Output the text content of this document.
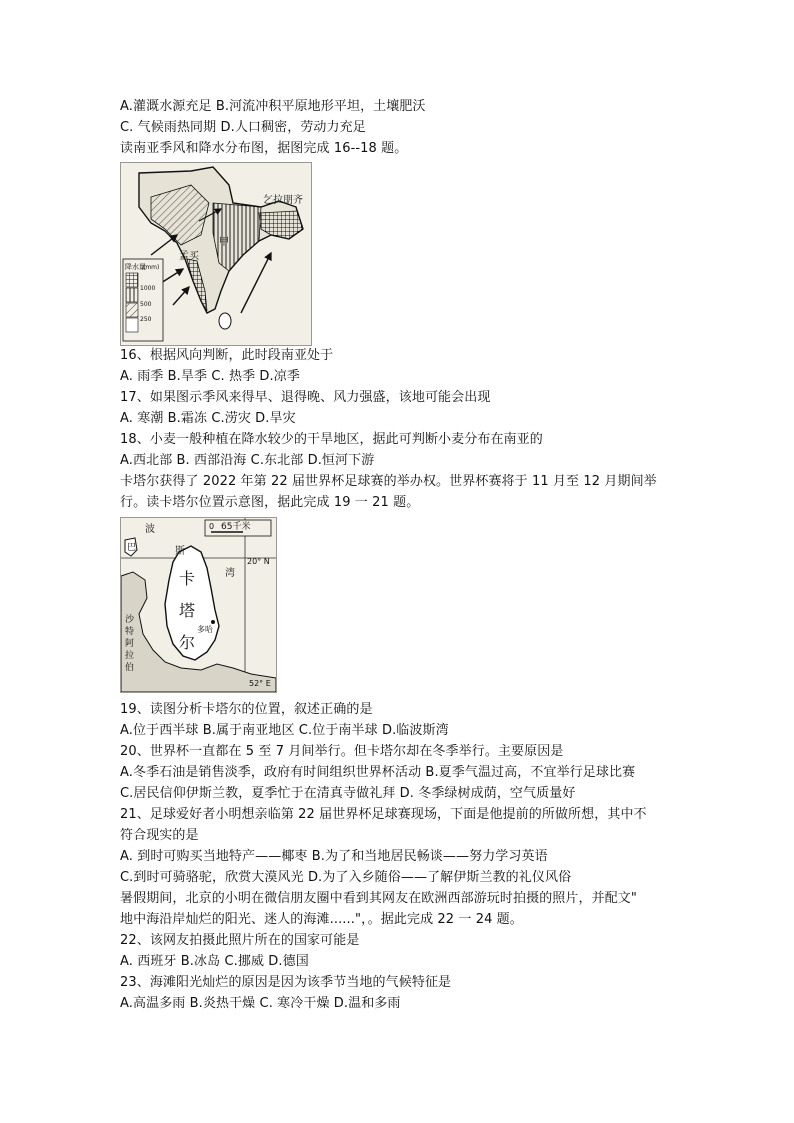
A.灌溉水源充足 B.河流冲积平原地形平坦，土壤肥沃
C. 气候雨热同期 D.人口稠密，劳动力充足
读南亚季风和降水分布图，据图完成 16--18 题。
乞拉朋齐
孟买
甲
降水量
(mm)
1000
500
250
16、根据风向判断，此时段南亚处于
A. 雨季 B.旱季 C. 热季 D.凉季
17、如果图示季风来得早、退得晚、风力强盛，该地可能会出现
A. 寒潮 B.霜冻 C.涝灾 D.旱灾
18、小麦一般种植在降水较少的干旱地区，据此可判断小麦分布在南亚的
A.西北部 B. 西部沿海 C.东北部 D.恒河下游
卡塔尔获得了 2022 年第 22 届世界杯足球赛的举办权。世界杯赛将于 11 月至 12 月期间举
行。读卡塔尔位置示意图，据此完成 19 一 21 题。
0 65千米
波
斯
湾
20° N
52° E
卡
塔
尔
多哈
巴
沙
特
阿
拉
伯
19、读图分析卡塔尔的位置，叙述正确的是
A.位于西半球 B.属于南亚地区 C.位于南半球 D.临波斯湾
20、世界杯一直都在 5 至 7 月间举行。但卡塔尔却在冬季举行。主要原因是
A.冬季石油是销售淡季，政府有时间组织世界杯活动 B.夏季气温过高，不宜举行足球比赛
C.居民信仰伊斯兰教，夏季忙于在清真寺做礼拜 D. 冬季绿树成荫，空气质量好
21、足球爱好者小明想亲临第 22 届世界杯足球赛现场，下面是他提前的所做所想，其中不
符合现实的是
A. 到时可购买当地特产——椰枣 B.为了和当地居民畅谈——努力学习英语
C.到时可骑骆驼，欣赏大漠风光 D.为了入乡随俗——了解伊斯兰教的礼仪风俗
暑假期间，北京的小明在微信朋友圈中看到其网友在欧洲西部游玩时拍摄的照片，并配文"
地中海沿岸灿烂的阳光、迷人的海滩......"，。据此完成 22 一 24 题。
22、该网友拍摄此照片所在的国家可能是
A. 西班牙 B.冰岛 C.挪威 D.德国
23、海滩阳光灿烂的原因是因为该季节当地的气候特征是
A.高温多雨 B.炎热干燥 C. 寒冷干燥 D.温和多雨
